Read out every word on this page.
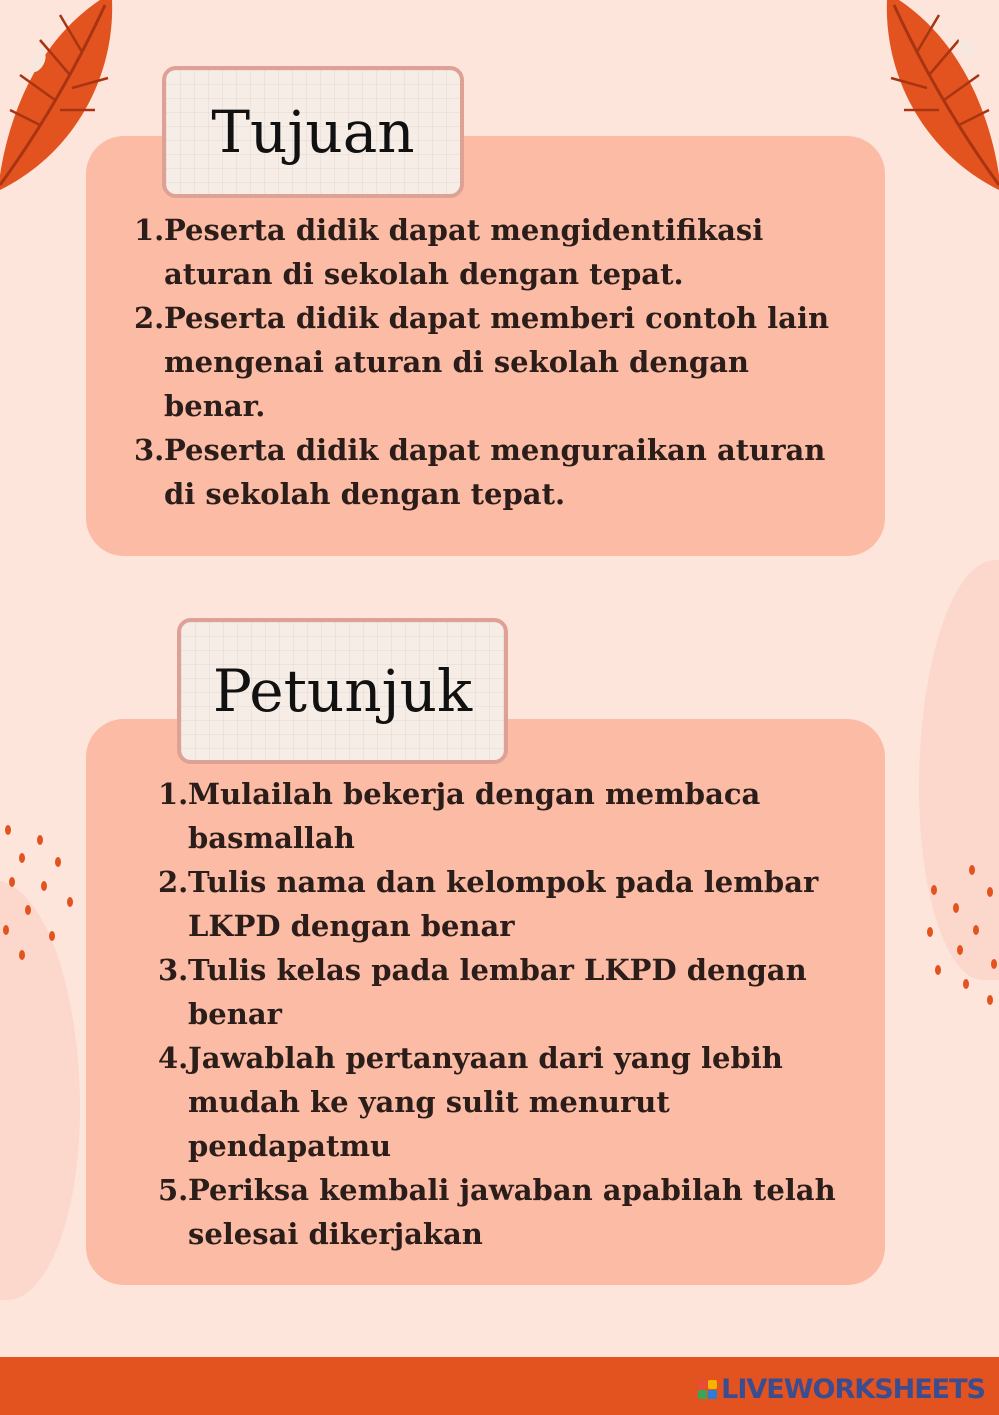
Tujuan
1. Peserta didik dapat mengidentifikasi aturan di sekolah dengan tepat.
2. Peserta didik dapat memberi contoh lain mengenai aturan di sekolah dengan benar.
3. Peserta didik dapat menguraikan aturan di sekolah dengan tepat.
Petunjuk
1. Mulailah bekerja dengan membaca basmallah
2. Tulis nama dan kelompok pada lembar LKPD dengan benar
3. Tulis kelas pada lembar LKPD dengan benar
4. Jawablah pertanyaan dari yang lebih mudah ke yang sulit menurut pendapatmu
5. Periksa kembali jawaban apabilah telah selesai dikerjakan
LIVEWORKSHEETS
